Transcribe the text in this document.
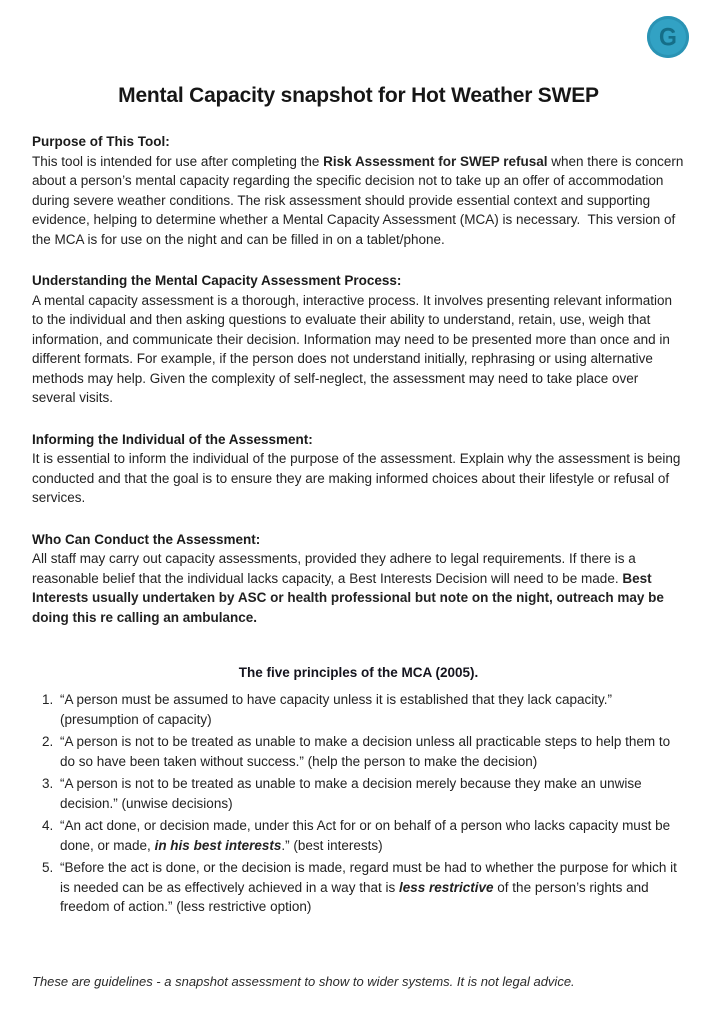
G
Mental Capacity snapshot for Hot Weather SWEP
Purpose of This Tool:

This tool is intended for use after completing the Risk Assessment for SWEP refusal when there is concern about a person’s mental capacity regarding the specific decision not to take up an offer of accommodation during severe weather conditions. The risk assessment should provide essential context and supporting evidence, helping to determine whether a Mental Capacity Assessment (MCA) is necessary.  This version of the MCA is for use on the night and can be filled in on a tablet/phone.

Understanding the Mental Capacity Assessment Process:

A mental capacity assessment is a thorough, interactive process. It involves presenting relevant information to the individual and then asking questions to evaluate their ability to understand, retain, use, weigh that information, and communicate their decision. Information may need to be presented more than once and in different formats. For example, if the person does not understand initially, rephrasing or using alternative methods may help. Given the complexity of self-neglect, the assessment may need to take place over several visits.

Informing the Individual of the Assessment:

It is essential to inform the individual of the purpose of the assessment. Explain why the assessment is being conducted and that the goal is to ensure they are making informed choices about their lifestyle or refusal of services.

Who Can Conduct the Assessment:

All staff may carry out capacity assessments, provided they adhere to legal requirements. If there is a reasonable belief that the individual lacks capacity, a Best Interests Decision will need to be made. Best Interests usually undertaken by ASC or health professional but note on the night, outreach may be doing this re calling an ambulance.

The five principles of the MCA (2005).
1. “A person must be assumed to have capacity unless it is established that they lack capacity.” (presumption of capacity)
2. “A person is not to be treated as unable to make a decision unless all practicable steps to help them to do so have been taken without success.” (help the person to make the decision)
3. “A person is not to be treated as unable to make a decision merely because they make an unwise decision.” (unwise decisions)
4. “An act done, or decision made, under this Act for or on behalf of a person who lacks capacity must be done, or made, in his best interests.” (best interests)
5. “Before the act is done, or the decision is made, regard must be had to whether the purpose for which it is needed can be as effectively achieved in a way that is less restrictive of the person’s rights and freedom of action.” (less restrictive option)

These are guidelines - a snapshot assessment to show to wider systems. It is not legal advice.
